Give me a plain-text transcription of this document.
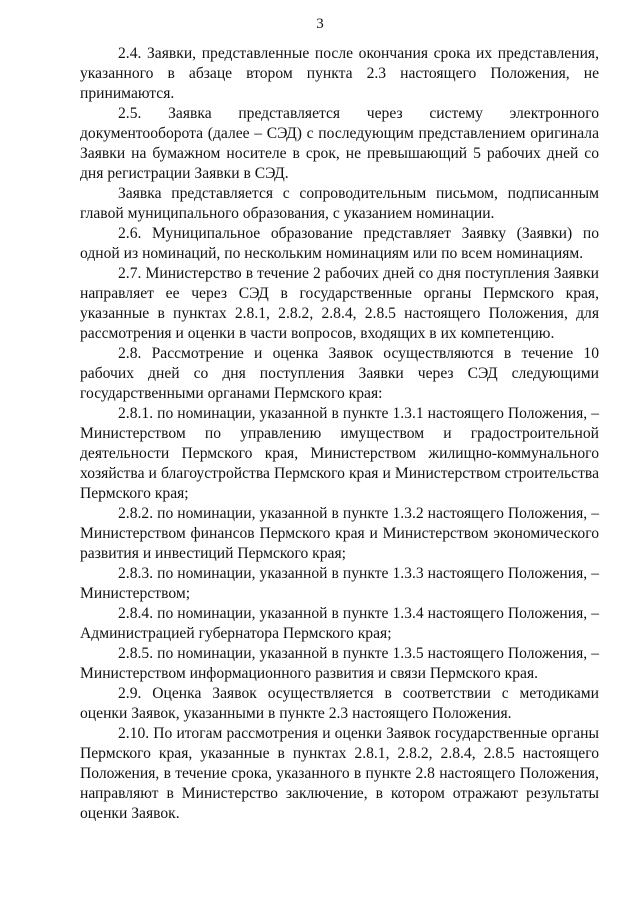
3

2.4. Заявки, представленные после окончания срока их представления, указанного в абзаце втором пункта 2.3 настоящего Положения, не принимаются.

2.5. Заявка представляется через систему электронного документооборота (далее – СЭД) с последующим представлением оригинала Заявки на бумажном носителе в срок, не превышающий 5 рабочих дней со дня регистрации Заявки в СЭД.

Заявка представляется с сопроводительным письмом, подписанным главой муниципального образования, с указанием номинации.

2.6. Муниципальное образование представляет Заявку (Заявки) по одной из номинаций, по нескольким номинациям или по всем номинациям.

2.7. Министерство в течение 2 рабочих дней со дня поступления Заявки направляет ее через СЭД в государственные органы Пермского края, указанные в пунктах 2.8.1, 2.8.2, 2.8.4, 2.8.5 настоящего Положения, для рассмотрения и оценки в части вопросов, входящих в их компетенцию.

2.8. Рассмотрение и оценка Заявок осуществляются в течение 10 рабочих дней со дня поступления Заявки через СЭД следующими государственными органами Пермского края:

2.8.1. по номинации, указанной в пункте 1.3.1 настоящего Положения, – Министерством по управлению имуществом и градостроительной деятельности Пермского края, Министерством жилищно-коммунального хозяйства и благоустройства Пермского края и Министерством строительства Пермского края;

2.8.2. по номинации, указанной в пункте 1.3.2 настоящего Положения, – Министерством финансов Пермского края и Министерством экономического развития и инвестиций Пермского края;

2.8.3. по номинации, указанной в пункте 1.3.3 настоящего Положения, – Министерством;

2.8.4. по номинации, указанной в пункте 1.3.4 настоящего Положения, – Администрацией губернатора Пермского края;

2.8.5. по номинации, указанной в пункте 1.3.5 настоящего Положения, – Министерством информационного развития и связи Пермского края.

2.9. Оценка Заявок осуществляется в соответствии с методиками оценки Заявок, указанными в пункте 2.3 настоящего Положения.

2.10. По итогам рассмотрения и оценки Заявок государственные органы Пермского края, указанные в пунктах 2.8.1, 2.8.2, 2.8.4, 2.8.5 настоящего Положения, в течение срока, указанного в пункте 2.8 настоящего Положения, направляют в Министерство заключение, в котором отражают результаты оценки Заявок.
